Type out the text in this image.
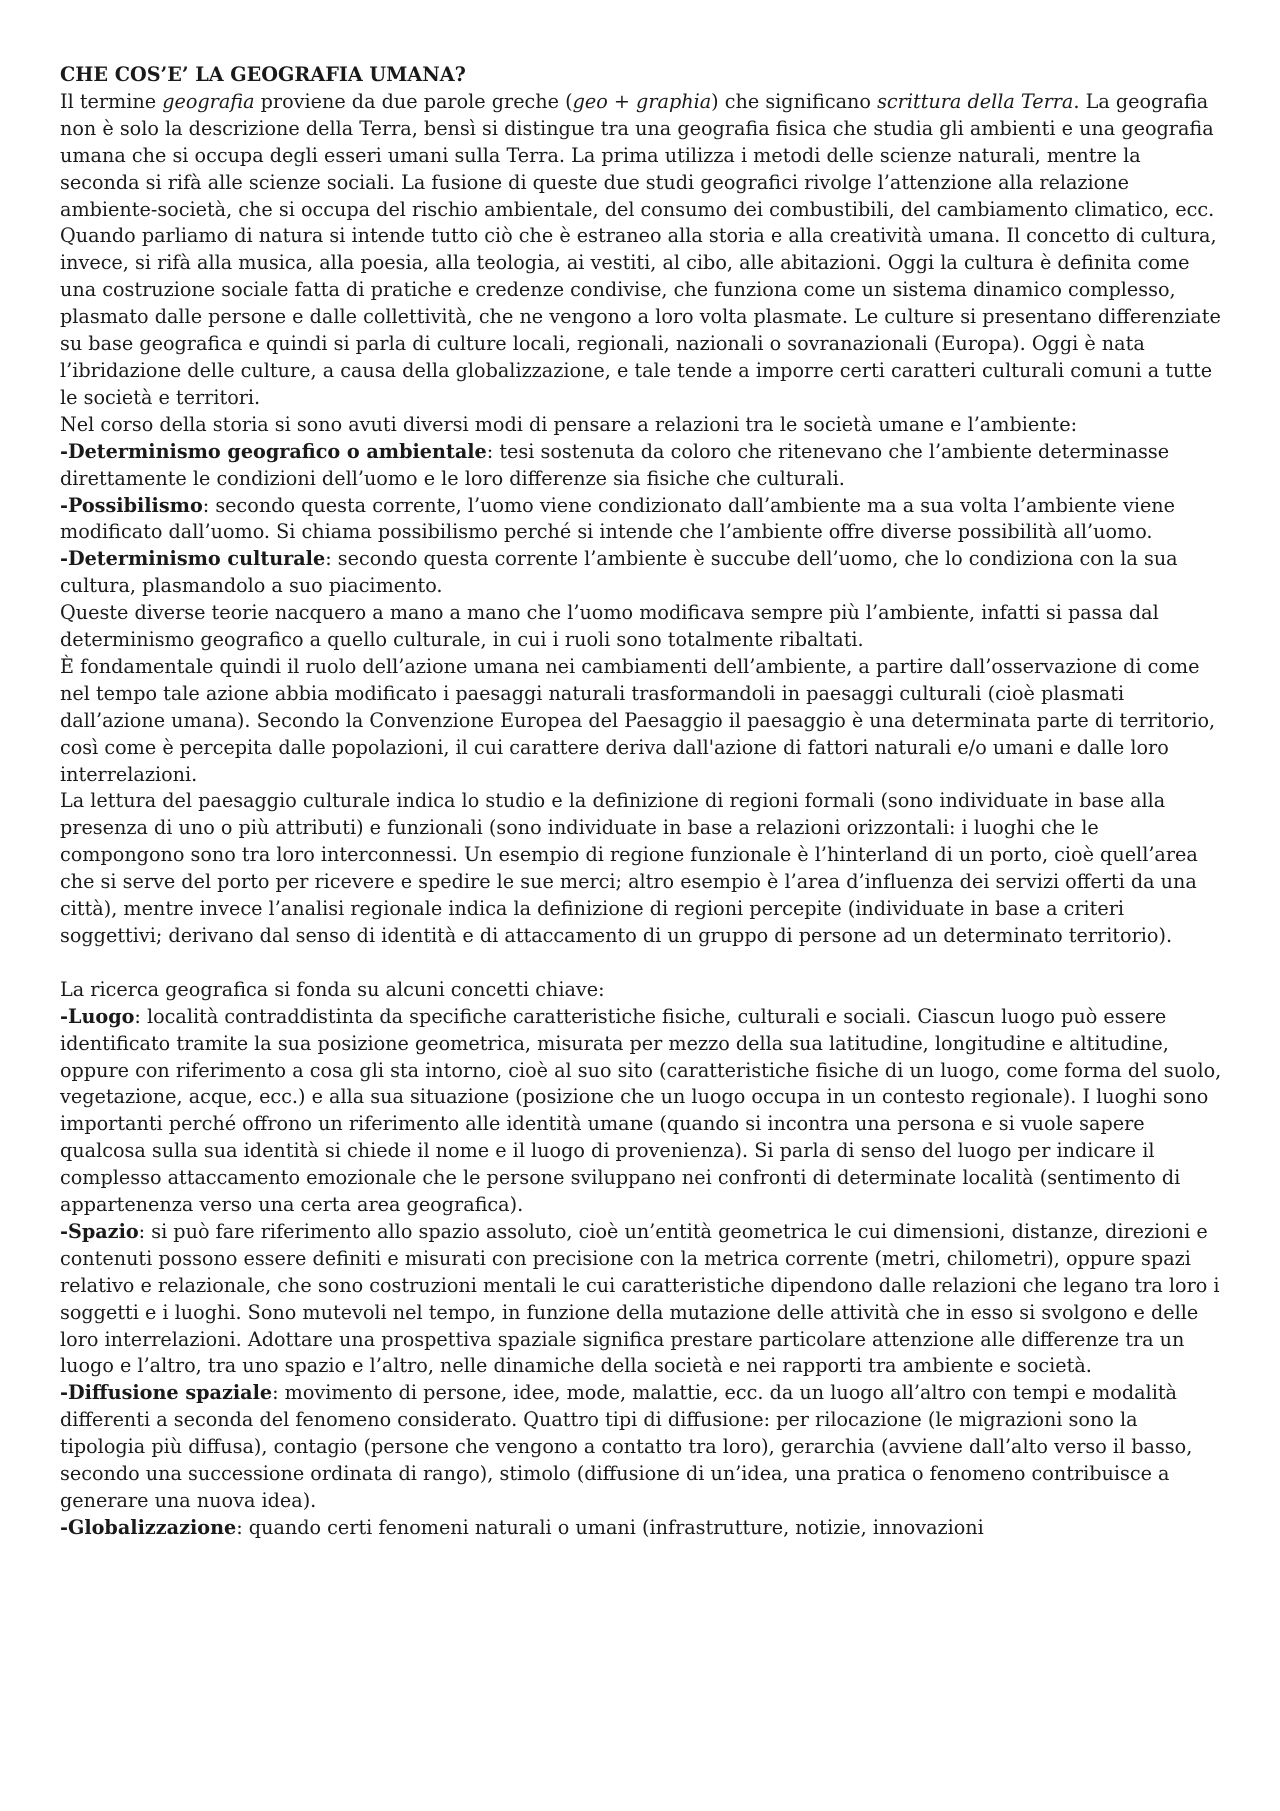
CHE COS’E’ LA GEOGRAFIA UMANA?

Il termine geografia proviene da due parole greche (geo + graphia) che significano scrittura della Terra. La geografia non è solo la descrizione della Terra, bensì si distingue tra una geografia fisica che studia gli ambienti e una geografia umana che si occupa degli esseri umani sulla Terra. La prima utilizza i metodi delle scienze naturali, mentre la seconda si rifà alle scienze sociali. La fusione di queste due studi geografici rivolge l’attenzione alla relazione ambiente-società, che si occupa del rischio ambientale, del consumo dei combustibili, del cambiamento climatico, ecc.

Quando parliamo di natura si intende tutto ciò che è estraneo alla storia e alla creatività umana. Il concetto di cultura, invece, si rifà alla musica, alla poesia, alla teologia, ai vestiti, al cibo, alle abitazioni. Oggi la cultura è definita come una costruzione sociale fatta di pratiche e credenze condivise, che funziona come un sistema dinamico complesso, plasmato dalle persone e dalle collettività, che ne vengono a loro volta plasmate. Le culture si presentano differenziate su base geografica e quindi si parla di culture locali, regionali, nazionali o sovranazionali (Europa). Oggi è nata l’ibridazione delle culture, a causa della globalizzazione, e tale tende a imporre certi caratteri culturali comuni a tutte le società e territori.

Nel corso della storia si sono avuti diversi modi di pensare a relazioni tra le società umane e l’ambiente:

-Determinismo geografico o ambientale: tesi sostenuta da coloro che ritenevano che l’ambiente determinasse direttamente le condizioni dell’uomo e le loro differenze sia fisiche che culturali.

-Possibilismo: secondo questa corrente, l’uomo viene condizionato dall’ambiente ma a sua volta l’ambiente viene modificato dall’uomo. Si chiama possibilismo perché si intende che l’ambiente offre diverse possibilità all’uomo.

-Determinismo culturale: secondo questa corrente l’ambiente è succube dell’uomo, che lo condiziona con la sua cultura, plasmandolo a suo piacimento.

Queste diverse teorie nacquero a mano a mano che l’uomo modificava sempre più l’ambiente, infatti si passa dal determinismo geografico a quello culturale, in cui i ruoli sono totalmente ribaltati.

È fondamentale quindi il ruolo dell’azione umana nei cambiamenti dell’ambiente, a partire dall’osservazione di come nel tempo tale azione abbia modificato i paesaggi naturali trasformandoli in paesaggi culturali (cioè plasmati dall’azione umana). Secondo la Convenzione Europea del Paesaggio il paesaggio è una determinata parte di territorio, così come è percepita dalle popolazioni, il cui carattere deriva dall'azione di fattori naturali e/o umani e dalle loro interrelazioni.

La lettura del paesaggio culturale indica lo studio e la definizione di regioni formali (sono individuate in base alla presenza di uno o più attributi) e funzionali (sono individuate in base a relazioni orizzontali: i luoghi che le compongono sono tra loro interconnessi. Un esempio di regione funzionale è l’hinterland di un porto, cioè quell’area che si serve del porto per ricevere e spedire le sue merci; altro esempio è l’area d’influenza dei servizi offerti da una città), mentre invece l’analisi regionale indica la definizione di regioni percepite (individuate in base a criteri soggettivi; derivano dal senso di identità e di attaccamento di un gruppo di persone ad un determinato territorio).

La ricerca geografica si fonda su alcuni concetti chiave:

-Luogo: località contraddistinta da specifiche caratteristiche fisiche, culturali e sociali. Ciascun luogo può essere identificato tramite la sua posizione geometrica, misurata per mezzo della sua latitudine, longitudine e altitudine, oppure con riferimento a cosa gli sta intorno, cioè al suo sito (caratteristiche fisiche di un luogo, come forma del suolo, vegetazione, acque, ecc.) e alla sua situazione (posizione che un luogo occupa in un contesto regionale). I luoghi sono importanti perché offrono un riferimento alle identità umane (quando si incontra una persona e si vuole sapere qualcosa sulla sua identità si chiede il nome e il luogo di provenienza). Si parla di senso del luogo per indicare il complesso attaccamento emozionale che le persone sviluppano nei confronti di determinate località (sentimento di appartenenza verso una certa area geografica).

-Spazio: si può fare riferimento allo spazio assoluto, cioè un’entità geometrica le cui dimensioni, distanze, direzioni e contenuti possono essere definiti e misurati con precisione con la metrica corrente (metri, chilometri), oppure spazi relativo e relazionale, che sono costruzioni mentali le cui caratteristiche dipendono dalle relazioni che legano tra loro i soggetti e i luoghi. Sono mutevoli nel tempo, in funzione della mutazione delle attività che in esso si svolgono e delle loro interrelazioni. Adottare una prospettiva spaziale significa prestare particolare attenzione alle differenze tra un luogo e l’altro, tra uno spazio e l’altro, nelle dinamiche della società e nei rapporti tra ambiente e società.

-Diffusione spaziale: movimento di persone, idee, mode, malattie, ecc. da un luogo all’altro con tempi e modalità differenti a seconda del fenomeno considerato. Quattro tipi di diffusione: per rilocazione (le migrazioni sono la tipologia più diffusa), contagio (persone che vengono a contatto tra loro), gerarchia (avviene dall’alto verso il basso, secondo una successione ordinata di rango), stimolo (diffusione di un’idea, una pratica o fenomeno contribuisce a generare una nuova idea).

-Globalizzazione: quando certi fenomeni naturali o umani (infrastrutture, notizie, innovazioni
